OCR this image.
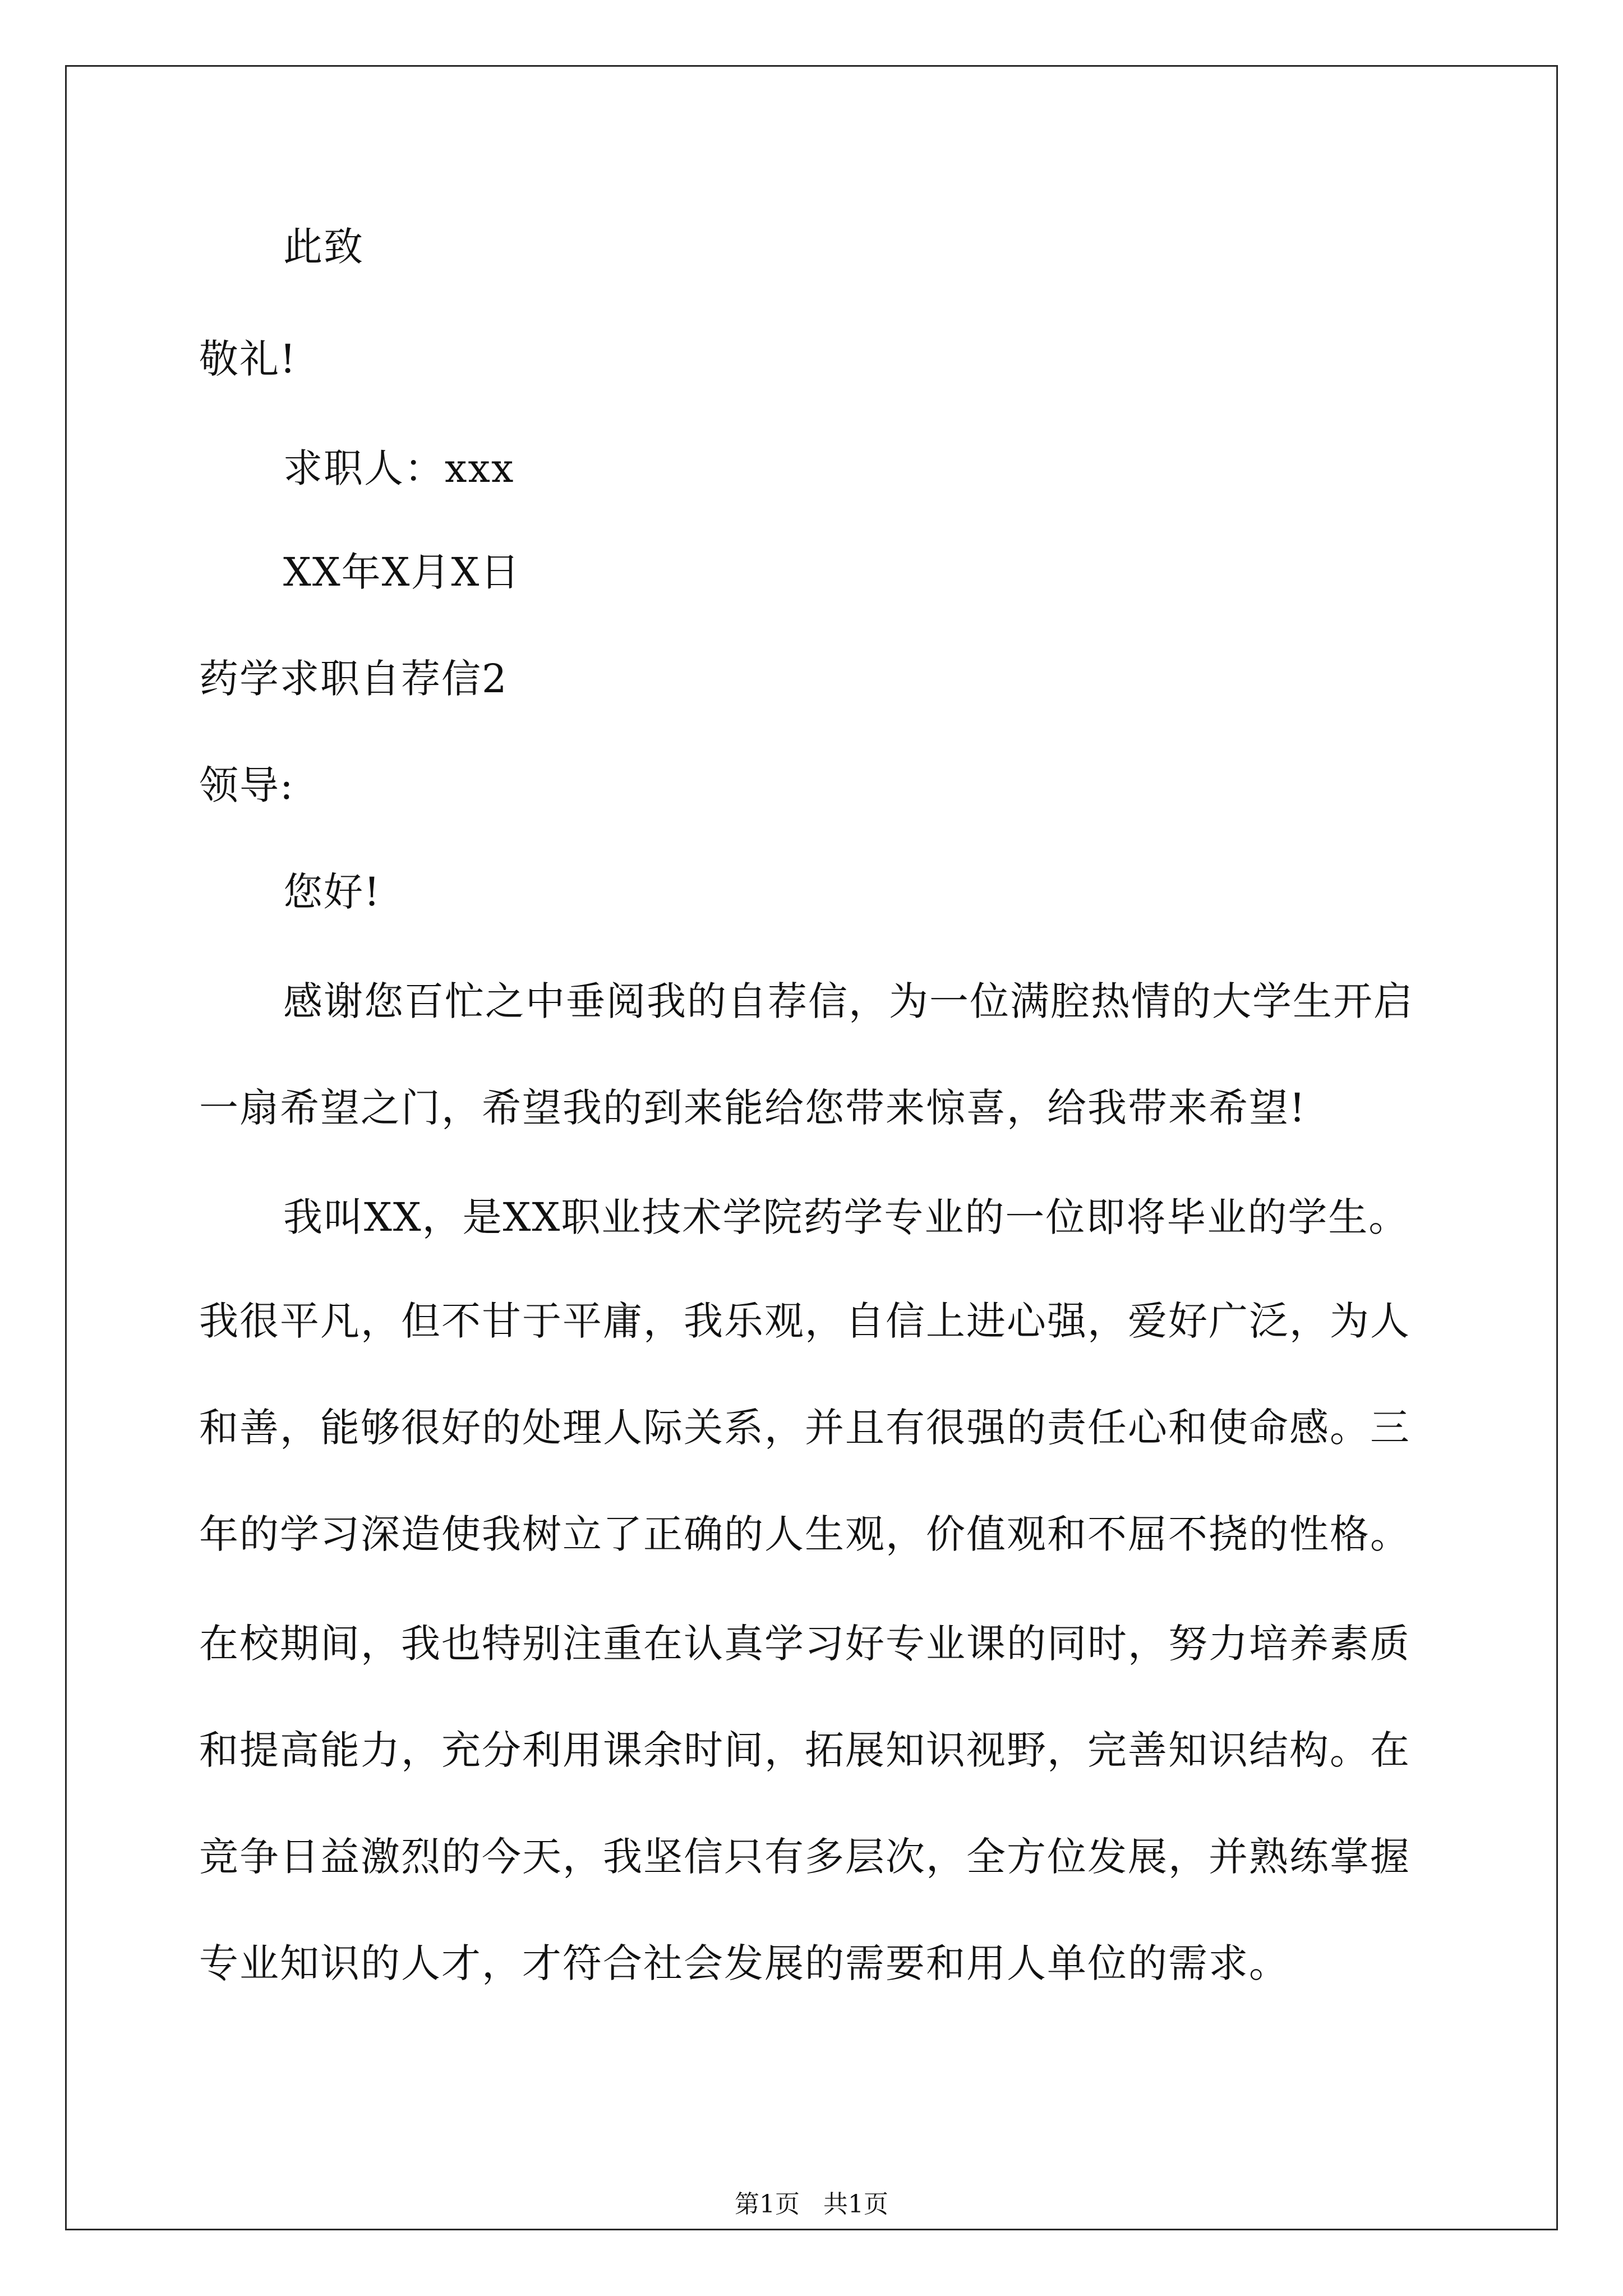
此致
敬礼!
求职人：xxx
XX年X月X日
药学求职自荐信2
领导:
您好!
感谢您百忙之中垂阅我的自荐信，为一位满腔热情的大学生开启
一扇希望之门，希望我的到来能给您带来惊喜，给我带来希望!
我叫XX，是XX职业技术学院药学专业的一位即将毕业的学生。
我很平凡，但不甘于平庸，我乐观，自信上进心强，爱好广泛，为人
和善，能够很好的处理人际关系，并且有很强的责任心和使命感。三
年的学习深造使我树立了正确的人生观，价值观和不屈不挠的性格。
在校期间，我也特别注重在认真学习好专业课的同时，努力培养素质
和提高能力，充分利用课余时间，拓展知识视野，完善知识结构。在
竞争日益激烈的今天，我坚信只有多层次，全方位发展，并熟练掌握
专业知识的人才，才符合社会发展的需要和用人单位的需求。
第1页   共1页
